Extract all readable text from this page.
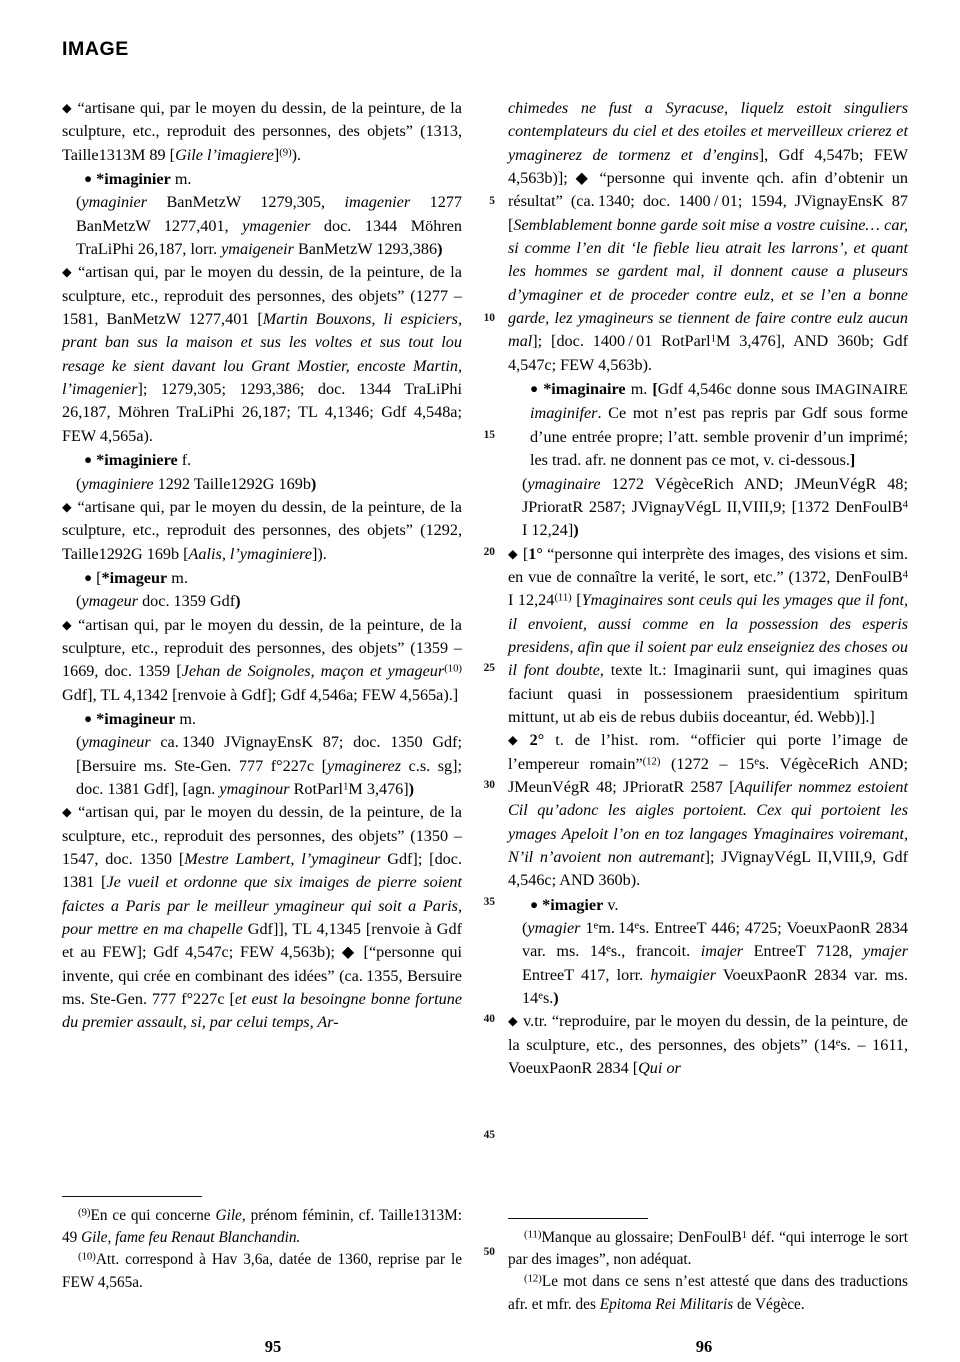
IMAGE

◆ “artisane qui, par le moyen du dessin, de la peinture, de la sculpture, etc., reproduit des personnes, des objets” (1313, Taille1313M 89 [Gile l’imagiere]$^{(9)}$).

● *imaginier m.

(ymaginier BanMetzW 1279,305, imagenier 1277 BanMetzW 1277,401, ymagenier doc. 1344 Möhren TraLiPhi 26,187, lorr. ymaigeneir BanMetzW 1293,386)

◆ “artisan qui, par le moyen du dessin, de la peinture, de la sculpture, etc., reproduit des personnes, des objets” (1277 – 1581, BanMetzW 1277,401 [Martin Bouxons, li espiciers, prant ban sus la maison et sus les voltes et sus tout lou resage ke sient davant lou Grant Mostier, encoste Martin, l’imagenier]; 1279,305; 1293,386; doc. 1344 TraLiPhi 26,187, Möhren TraLiPhi 26,187; TL 4,1346; Gdf 4,548a; FEW 4,565a).

● *imaginiere f.

(ymaginiere 1292 Taille1292G 169b)

◆ “artisane qui, par le moyen du dessin, de la peinture, de la sculpture, etc., reproduit des personnes, des objets” (1292, Taille1292G 169b [Aalis, l’ymaginiere]).

● [*imageur m.

(ymageur doc. 1359 Gdf)

◆ “artisan qui, par le moyen du dessin, de la peinture, de la sculpture, etc., reproduit des personnes, des objets” (1359 – 1669, doc. 1359 [Jehan de Soignoles, maçon et ymageur$^{(10)}$ Gdf], TL 4,1342 [renvoie à Gdf]; Gdf 4,546a; FEW 4,565a).]

● *imagineur m.

(ymagineur ca. 1340 JVignayEnsK 87; doc. 1350 Gdf; [Bersuire ms. Ste-Gen. 777 f°227c [ymaginerez c.s. sg]; doc. 1381 Gdf], [agn. ymaginour RotParl$^1$M 3,476])

◆ “artisan qui, par le moyen du dessin, de la peinture, de la sculpture, etc., reproduit des personnes, des objets” (1350 – 1547, doc. 1350 [Mestre Lambert, l’ymagineur Gdf]; [doc. 1381 [Je vueil et ordonne que six imaiges de pierre soient faictes a Paris par le meilleur ymagineur qui soit a Paris, pour mettre en ma chapelle Gdf]], TL 4,1345 [renvoie à Gdf et au FEW]; Gdf 4,547c; FEW 4,563b); ◆ [“personne qui invente, qui crée en combinant des idées” (ca. 1355, Bersuire ms. Ste-Gen. 777 f°227c [et eust la besoingne bonne fortune du premier assault, si, par celui temps, Ar-

$^{(9)}$En ce qui concerne Gile, prénom féminin, cf. Taille1313M: 49 Gile, fame feu Renaut Blanchandin.

$^{(10)}$Att. correspond à Hav 3,6a, datée de 1360, reprise par le FEW 4,565a.

5
10
15
20
25
30
35
40
45
50

chimedes ne fust a Syracuse, liquelz estoit singuliers contemplateurs du ciel et des etoiles et merveilleux crierez et ymaginerez de tormenz et d’engins], Gdf 4,547b; FEW 4,563b)]; ◆ “personne qui invente qch. afin d’obtenir un résultat” (ca. 1340; doc. 1400 / 01; 1594, JVignayEnsK 87 [Semblablement bonne garde soit mise a vostre cuisine… car, si comme l’en dit ‘le fieble lieu atrait les larrons’, et quant les hommes se gardent mal, il donnent cause a pluseurs d’ymaginer et de proceder contre eulz, et se l’en a bonne garde, lez ymagineurs se tiennent de faire contre eulz aucun mal]; [doc. 1400 / 01 RotParl$^1$M 3,476], AND 360b; Gdf 4,547c; FEW 4,563b).

● *imaginaire m. [Gdf 4,546c donne sous IMAGINAIRE imaginifer. Ce mot n’est pas repris par Gdf sous forme d’une entrée propre; l’att. semble provenir d’un imprimé; les trad. afr. ne donnent pas ce mot, v. ci-dessous.]

(ymaginaire 1272 VégèceRich AND; JMeunVégR 48; JPrioratR 2587; JVignayVégL II,VIII,9; [1372 DenFoulB$^4$ I 12,24])

◆ [1° “personne qui interprète des images, des visions et sim. en vue de connaître la verité, le sort, etc.” (1372, DenFoulB$^4$ I 12,24$^{(11)}$ [Ymaginaires sont ceuls qui les ymages que il font, il envoient, aussi comme en la possession des esperis presidens, afin que il soient par eulz enseigniez des choses ou il font doubte, texte lt.: Imaginarii sunt, qui imagines quas faciunt quasi in possessionem praesidentium spiritum mittunt, ut ab eis de rebus dubiis doceantur, éd. Webb)].]

◆ 2° t. de l’hist. rom. “officier qui porte l’image de l’empereur romain”$^{(12)}$ (1272 – 15es. VégèceRich AND; JMeunVégR 48; JPrioratR 2587 [Aquilifer nommez estoient Cil qu’adonc les aigles portoient. Cex qui portoient les ymages Apeloit l’on en toz langages Ymaginaires voiremant, N’il n’avoient non autremant]; JVignayVégL II,VIII,9, Gdf 4,546c; AND 360b).

● *imagier v.

(ymagier 1em. 14es. EntreeT 446; 4725; VoeuxPaonR 2834 var. ms. 14es., francoit. imajer EntreeT 7128, ymajer EntreeT 417, lorr. hymaigier VoeuxPaonR 2834 var. ms. 14es.)

◆ v.tr. “reproduire, par le moyen du dessin, de la peinture, de la sculpture, etc., des personnes, des objets” (14es. – 1611, VoeuxPaonR 2834 [Qui or

$^{(11)}$Manque au glossaire; DenFoulB$^1$ déf. “qui interroge le sort par des images”, non adéquat.

$^{(12)}$Le mot dans ce sens n’est attesté que dans des traductions afr. et mfr. des Epitoma Rei Militaris de Végèce.

95	96
